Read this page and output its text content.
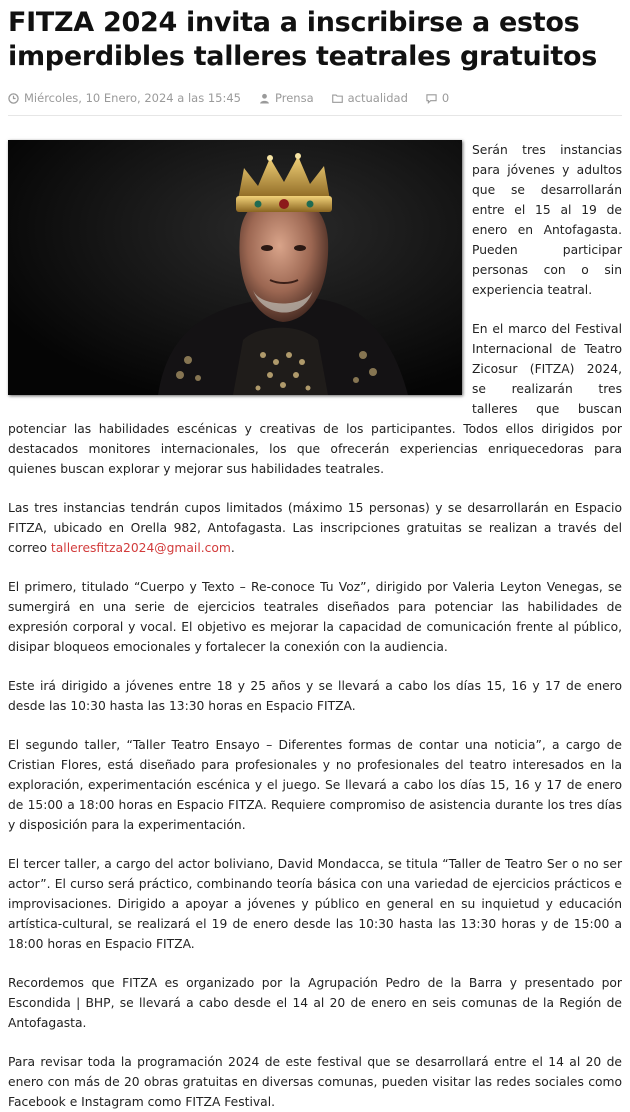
FITZA 2024 invita a inscribirse a estos imperdibles talleres teatrales gratuitos
Miércoles, 10 Enero, 2024 a las 15:45	Prensa	actualidad	0

Serán tres instancias para jóvenes y adultos que se desarrollarán entre el 15 al 19 de enero en Antofagasta. Pueden participar personas con o sin experiencia teatral.

En el marco del Festival Internacional de Teatro Zicosur (FITZA) 2024, se realizarán tres talleres que buscan potenciar las habilidades escénicas y creativas de los participantes. Todos ellos dirigidos por destacados monitores internacionales, los que ofrecerán experiencias enriquecedoras para quienes buscan explorar y mejorar sus habilidades teatrales.

Las tres instancias tendrán cupos limitados (máximo 15 personas) y se desarrollarán en Espacio FITZA, ubicado en Orella 982, Antofagasta. Las inscripciones gratuitas se realizan a través del correo talleresfitza2024@gmail.com.

El primero, titulado “Cuerpo y Texto – Re-conoce Tu Voz”, dirigido por Valeria Leyton Venegas, se sumergirá en una serie de ejercicios teatrales diseñados para potenciar las habilidades de expresión corporal y vocal. El objetivo es mejorar la capacidad de comunicación frente al público, disipar bloqueos emocionales y fortalecer la conexión con la audiencia.

Este irá dirigido a jóvenes entre 18 y 25 años y se llevará a cabo los días 15, 16 y 17 de enero desde las 10:30 hasta las 13:30 horas en Espacio FITZA.

El segundo taller, “Taller Teatro Ensayo – Diferentes formas de contar una noticia”, a cargo de Cristian Flores, está diseñado para profesionales y no profesionales del teatro interesados en la exploración, experimentación escénica y el juego. Se llevará a cabo los días 15, 16 y 17 de enero de 15:00 a 18:00 horas en Espacio FITZA. Requiere compromiso de asistencia durante los tres días y disposición para la experimentación.

El tercer taller, a cargo del actor boliviano, David Mondacca, se titula “Taller de Teatro Ser o no ser actor”. El curso será práctico, combinando teoría básica con una variedad de ejercicios prácticos e improvisaciones. Dirigido a apoyar a jóvenes y público en general en su inquietud y educación artística-cultural, se realizará el 19 de enero desde las 10:30 hasta las 13:30 horas y de 15:00 a 18:00 horas en Espacio FITZA.

Recordemos que FITZA es organizado por la Agrupación Pedro de la Barra y presentado por Escondida | BHP, se llevará a cabo desde el 14 al 20 de enero en seis comunas de la Región de Antofagasta.

Para revisar toda la programación 2024 de este festival que se desarrollará entre el 14 al 20 de enero con más de 20 obras gratuitas en diversas comunas, pueden visitar las redes sociales como Facebook e Instagram como FITZA Festival.
